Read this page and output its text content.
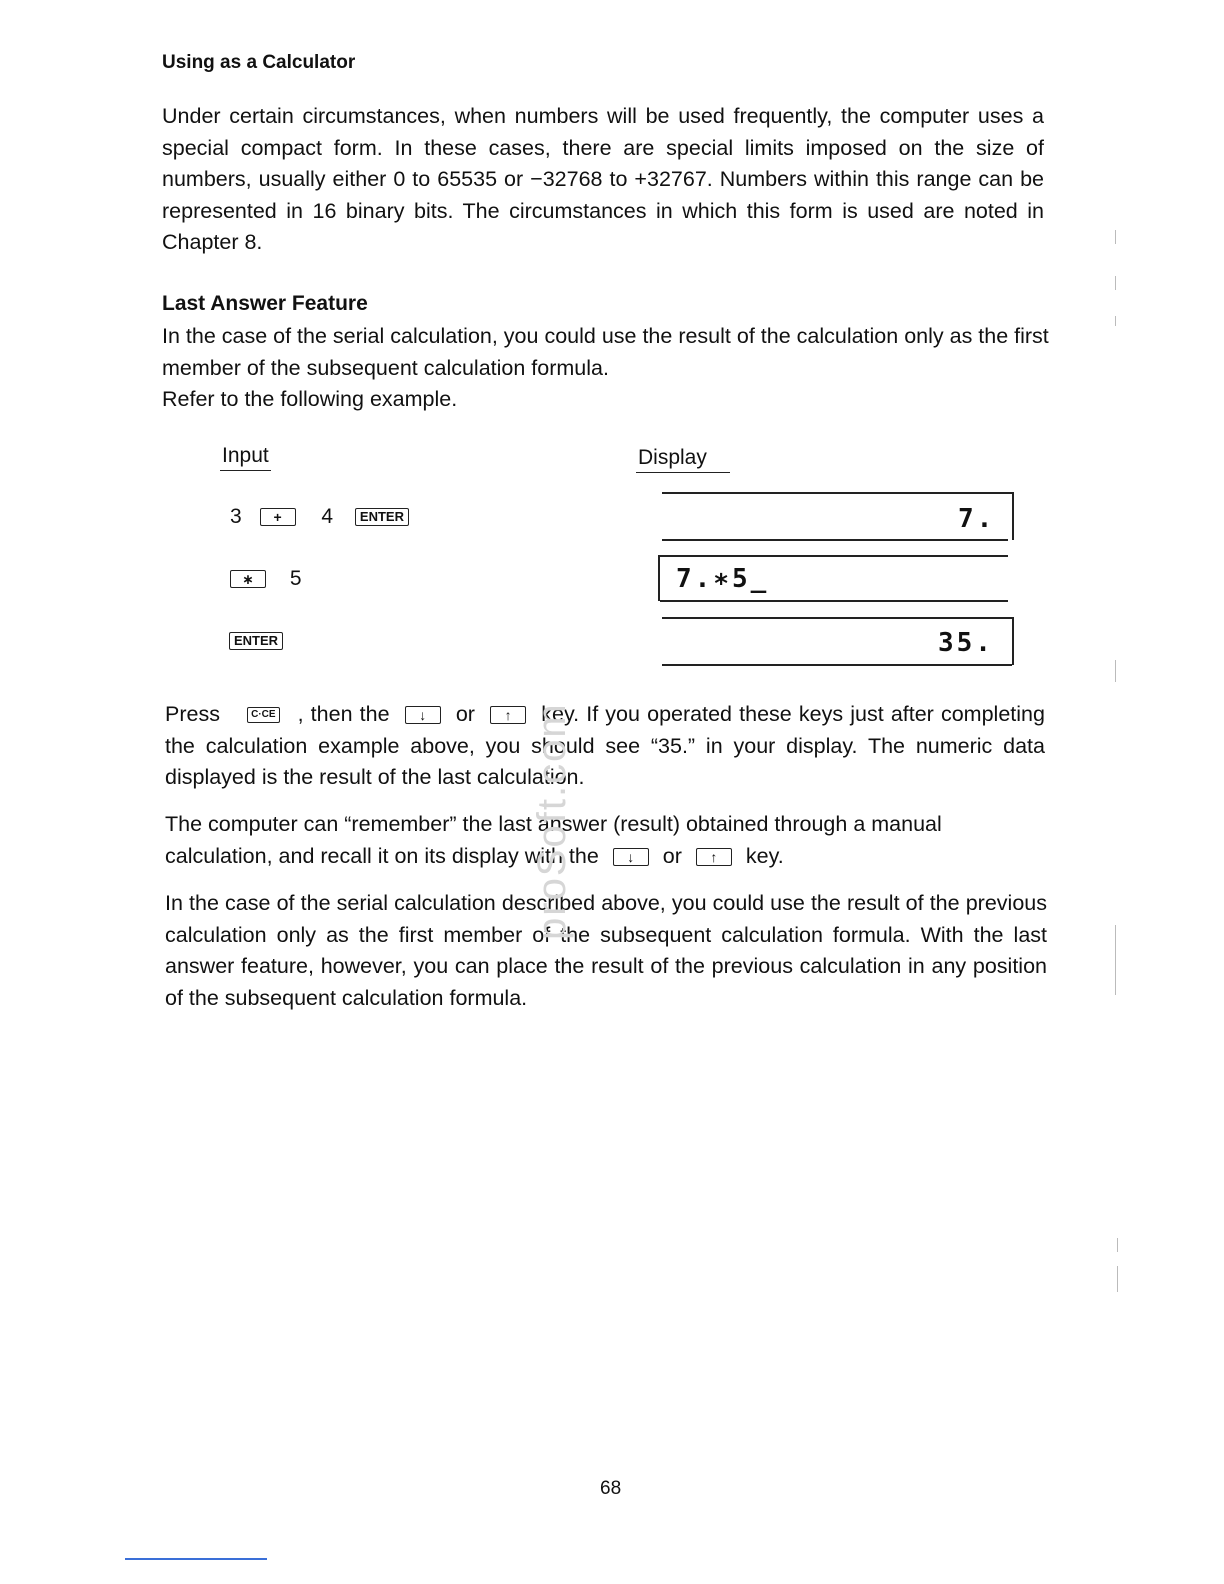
Using as a Calculator
Under certain circumstances, when numbers will be used frequently, the computer uses a special compact form. In these cases, there are special limits imposed on the size of numbers, usually either 0 to 65535 or −32768 to +32767. Numbers within this range can be represented in 16 binary bits. The circumstances in which this form is used are noted in Chapter 8.
Last Answer Feature

In the case of the serial calculation, you could use the result of the calculation only as the first member of the subsequent calculation formula.

Refer to the following example.

Input	Display
3 + 4 ENTER
∗ 5
ENTER
7.
7.∗5_
35.
Press	C·CE , then the ↓ or ↑ key. If you operated these keys just after completing the calculation example above, you should see “35.” in your display. The numeric data displayed is the result of the last calculation.
The computer can “remember” the last answer (result) obtained through a manual calculation, and recall it on its display with the ↓ or ↑ key.
In the case of the serial calculation described above, you could use the result of the previous calculation only as the first member of the subsequent calculation formula. With the last answer feature, however, you can place the result of the previous calculation in any position of the subsequent calculation formula.
proSoft.com
68
